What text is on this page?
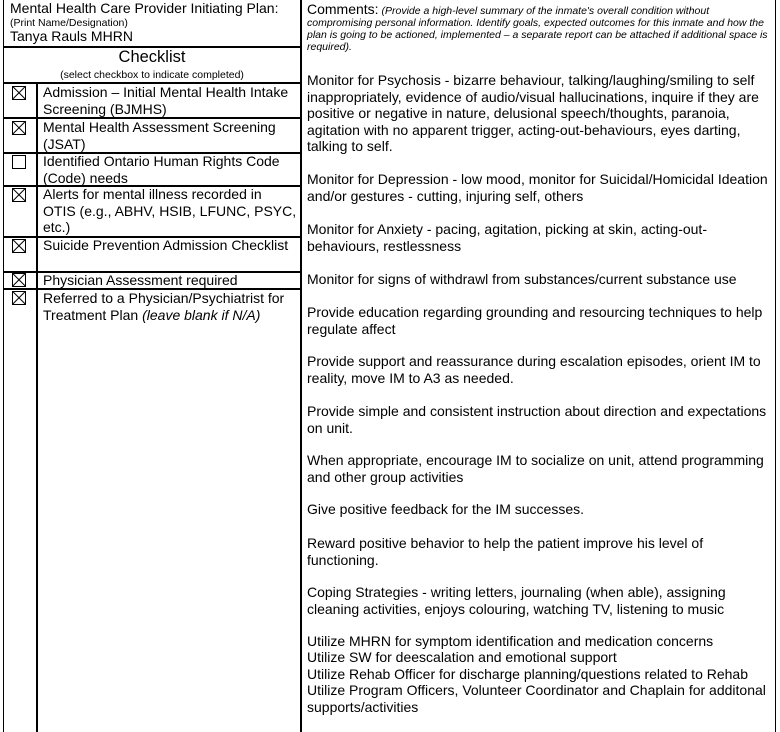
Mental Health Care Provider Initiating Plan:
(Print Name/Designation)
Tanya Rauls MHRN
Checklist
(select checkbox to indicate completed)
Admission – Initial Mental Health Intake Screening (BJMHS)
Mental Health Assessment Screening (JSAT)
Identified Ontario Human Rights Code (Code) needs
Alerts for mental illness recorded in OTIS (e.g., ABHV, HSIB, LFUNC, PSYC, etc.)
Suicide Prevention Admission Checklist
Physician Assessment required
Referred to a Physician/Psychiatrist for Treatment Plan (leave blank if N/A)
Comments: (Provide a high-level summary of the inmate's overall condition without compromising personal information. Identify goals, expected outcomes for this inmate and how the plan is going to be actioned, implemented – a separate report can be attached if additional space is required).
Monitor for Psychosis - bizarre behaviour, talking/laughing/smiling to self inappropriately, evidence of audio/visual hallucinations, inquire if they are positive or negative in nature, delusional speech/thoughts, paranoia, agitation with no apparent trigger, acting-out-behaviours, eyes darting, talking to self.
Monitor for Depression - low mood, monitor for Suicidal/Homicidal Ideation and/or gestures - cutting, injuring self, others
Monitor for Anxiety - pacing, agitation, picking at skin, acting-out-behaviours, restlessness
Monitor for signs of withdrawl from substances/current substance use
Provide education regarding grounding and resourcing techniques to help regulate affect
Provide support and reassurance during escalation episodes, orient IM to reality, move IM to A3 as needed.
Provide simple and consistent instruction about direction and expectations on unit.
When appropriate, encourage IM to socialize on unit, attend programming and other group activities
Give positive feedback for the IM successes.
Reward positive behavior to help the patient improve his level of functioning.
Coping Strategies - writing letters, journaling (when able), assigning cleaning activities, enjoys colouring, watching TV, listening to music
Utilize MHRN for symptom identification and medication concerns
Utilize SW for deescalation and emotional support
Utilize Rehab Officer for discharge planning/questions related to Rehab
Utilize Program Officers, Volunteer Coordinator and Chaplain for additonal supports/activities
